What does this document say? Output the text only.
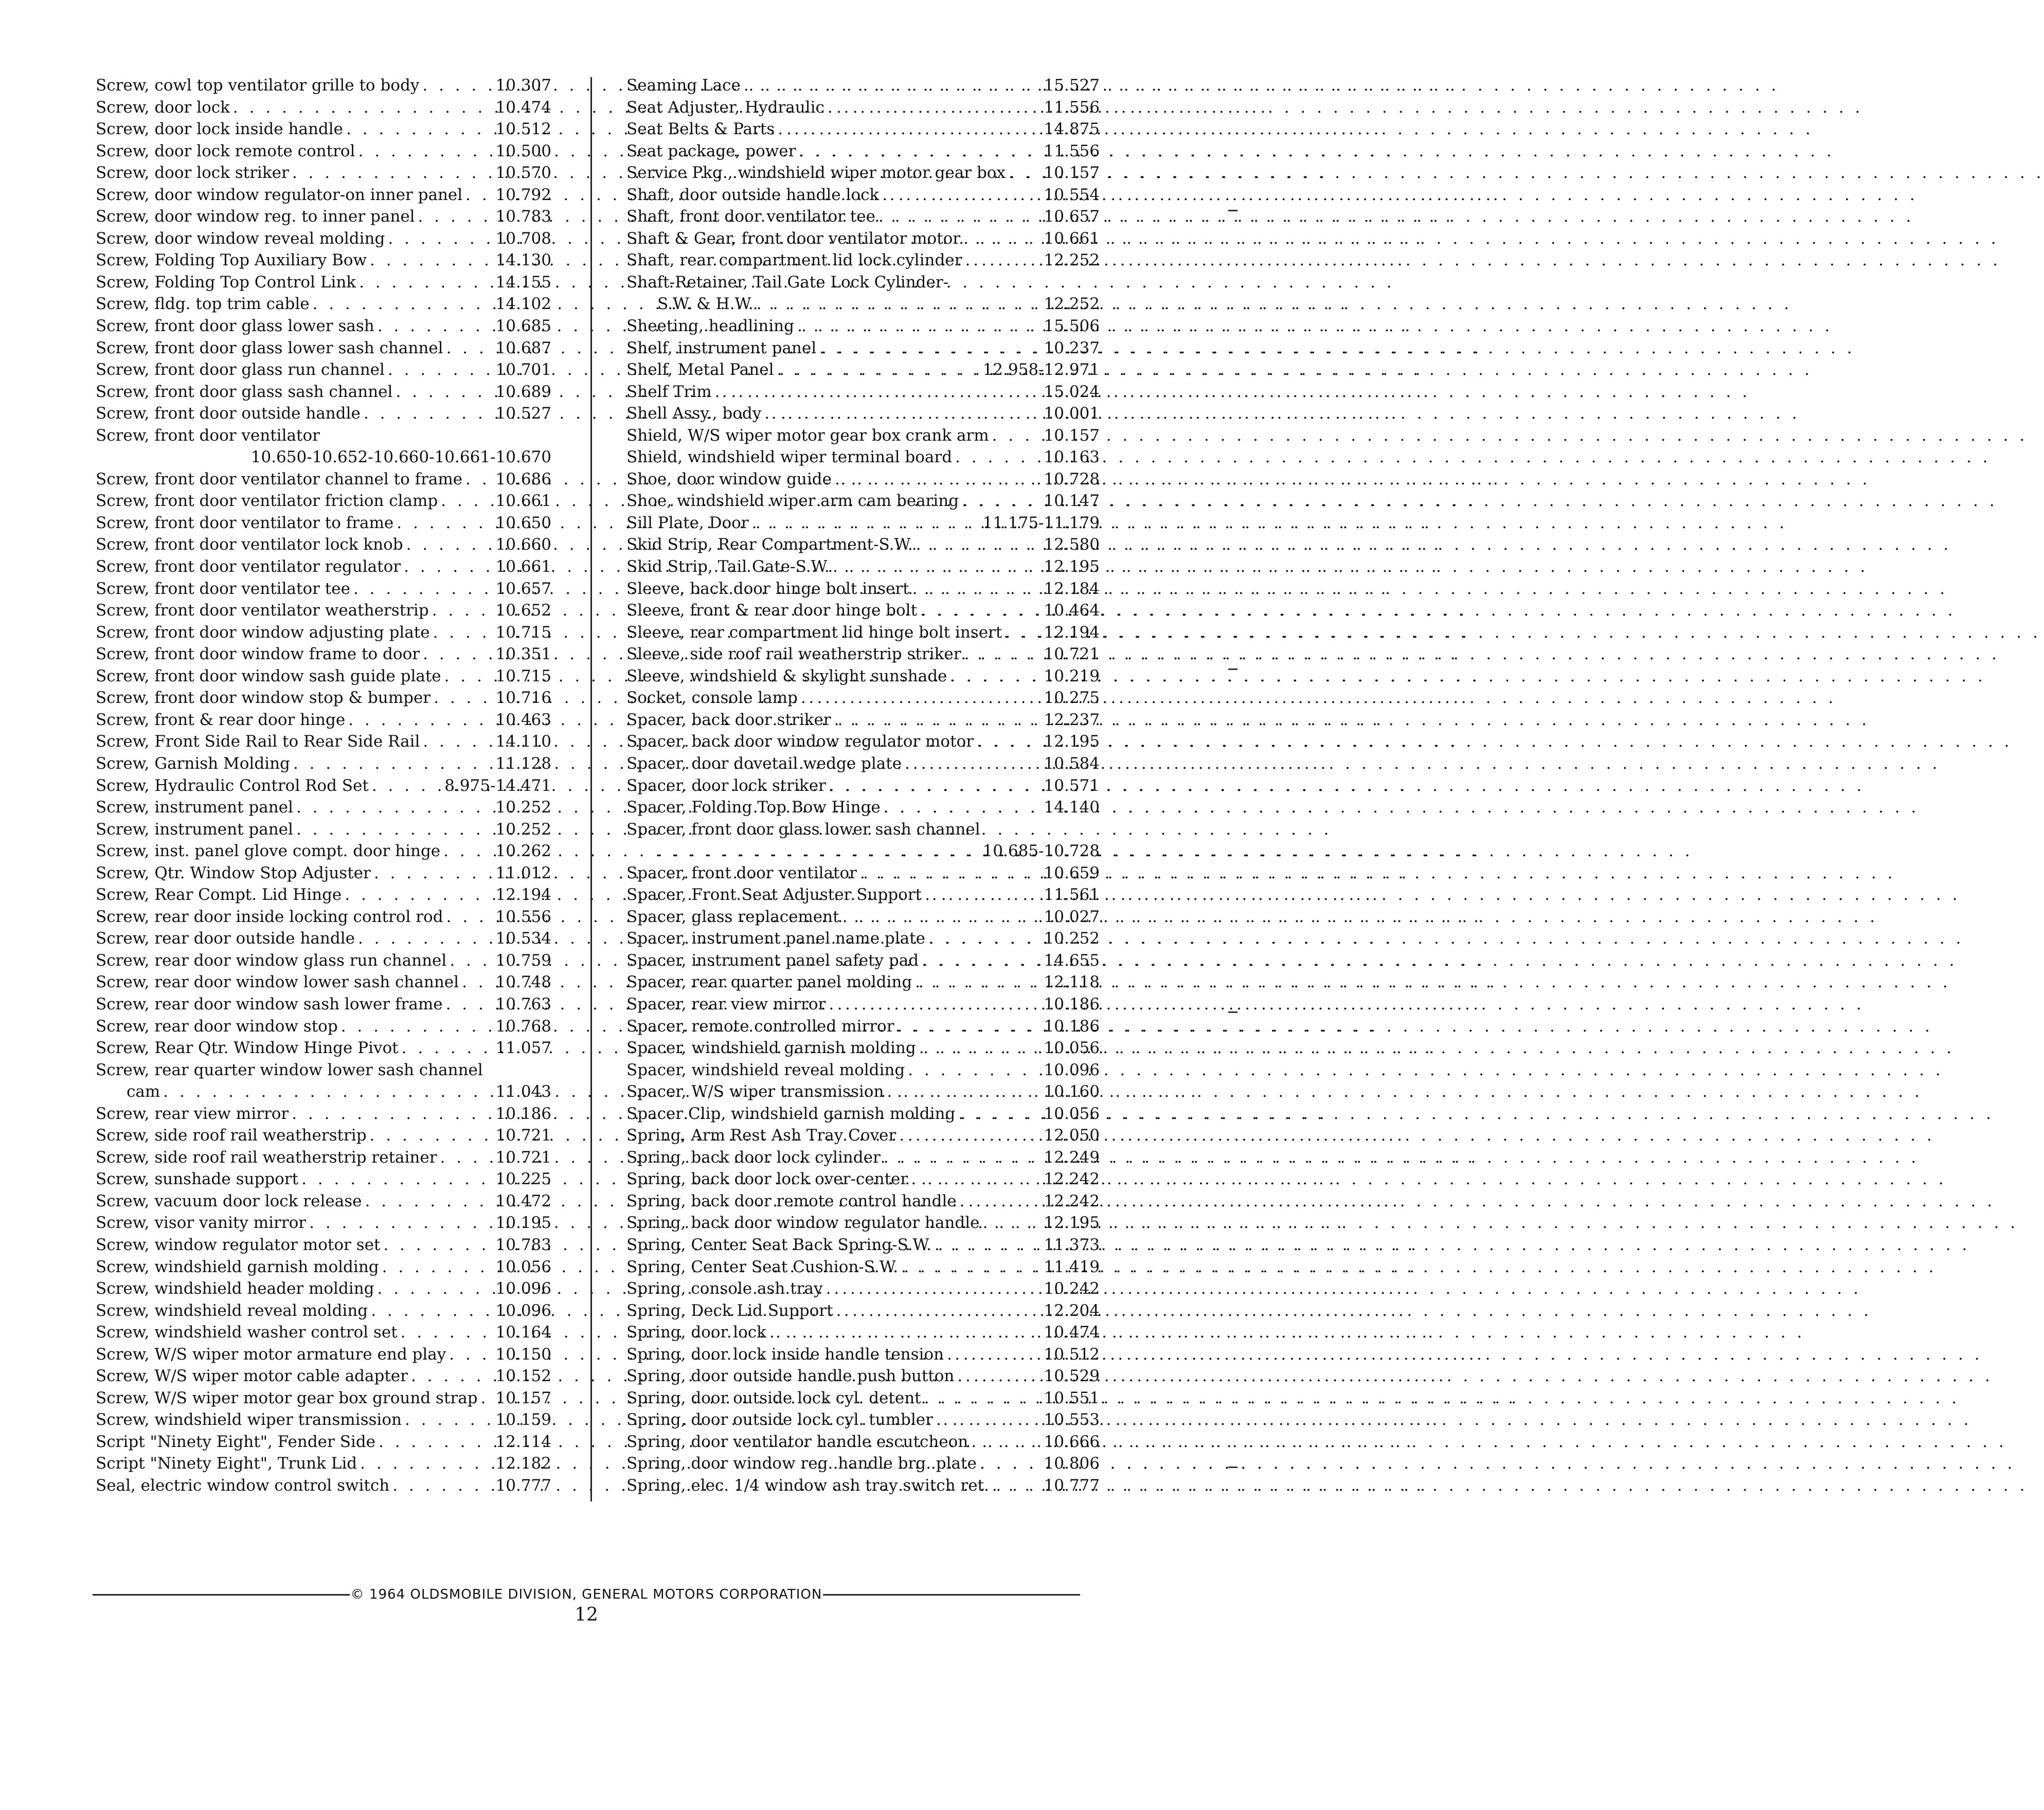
Screw, cowl top ventilator grille to body . . .	10.307
Screw, door lock . . .	10.474
Screw, door lock inside handle . . .	10.512
Screw, door lock remote control . . .	10.500
Screw, door lock striker . . .	10.570
Screw, door window regulator-on inner panel . . . 10.792
Screw, door window reg. to inner panel . . .	10.783
Screw, door window reveal molding . . .	10.708
Screw, Folding Top Auxiliary Bow . . .	14.130
Screw, Folding Top Control Link . . .	14.155
Screw, fldg. top trim cable . . .	14.102
Screw, front door glass lower sash . . .	10.685
Screw, front door glass lower sash channel . . .	10.687
Screw, front door glass run channel . . .	10.701
Screw, front door glass sash channel . . .	10.689
Screw, front door outside handle . . .	10.527
Screw, front door ventilator
10.650-10.652-10.660-10.661-10.670
Screw, front door ventilator channel to frame . . . 10.686
Screw, front door ventilator friction clamp . . .	10.661
Screw, front door ventilator to frame . . .	10.650
Screw, front door ventilator lock knob . . .	10.660
Screw, front door ventilator regulator . . .	10.661
Screw, front door ventilator tee . . .	10.657
Screw, front door ventilator weatherstrip . . .	10.652
Screw, front door window adjusting plate . . .	10.715
Screw, front door window frame to door . . .	10.351
Screw, front door window sash guide plate . . .	10.715
Screw, front door window stop & bumper . . .	10.716
Screw, front & rear door hinge . . .	10.463
Screw, Front Side Rail to Rear Side Rail . . .	14.110
Screw, Garnish Molding . . .	11.128
Screw, Hydraulic Control Rod Set . . .	8.975-14.471
Screw, instrument panel . . .	10.252
Screw, instrument panel . . .	10.252
Screw, inst. panel glove compt. door hinge . . .	10.262
Screw, Qtr. Window Stop Adjuster . . .	11.012
Screw, Rear Compt. Lid Hinge . . .	12.194
Screw, rear door inside locking control rod . . .	10.556
Screw, rear door outside handle . . .	10.534
Screw, rear door window glass run channel . . .	10.759
Screw, rear door window lower sash channel . . . 10.748
Screw, rear door window sash lower frame . . .	10.763
Screw, rear door window stop . . .	10.768
Screw, Rear Qtr. Window Hinge Pivot . . .	11.057
Screw, rear quarter window lower sash channel
cam . . .	11.043
Screw, rear view mirror . . .	10.186
Screw, side roof rail weatherstrip . . .	10.721
Screw, side roof rail weatherstrip retainer . . .	10.721
Screw, sunshade support . . .	10.225
Screw, vacuum door lock release . . .	10.472
Screw, visor vanity mirror . . .	10.195
Screw, window regulator motor set . . .	10.783
Screw, windshield garnish molding . . .	10.056
Screw, windshield header molding . . .	10.096
Screw, windshield reveal molding . . .	10.096
Screw, windshield washer control set . . .	10.164
Screw, W/S wiper motor armature end play . . .	10.150
Screw, W/S wiper motor cable adapter . . .	10.152
Screw, W/S wiper motor gear box ground strap . . . 10.157
Screw, windshield wiper transmission . . .	10.159
Script "Ninety Eight", Fender Side . . .	12.114
Script "Ninety Eight", Trunk Lid . . .	12.182
Seal, electric window control switch . . .	10.777
Seaming Lace . . .	15.527
Seat Adjuster, Hydraulic . . .	11.556
Seat Belts & Parts . . .	14.875
Seat package, power . . .	11.556
Service Pkg., windshield wiper motor gear box . . . 10.157
Shaft, door outside handle lock . . .	10.554
Shaft, front door ventilator tee . . .	10.657
Shaft & Gear, front door ventilator motor . . .	10.661
Shaft, rear compartment lid lock cylinder . . .	12.252
Shaft-Retainer, Tail Gate Lock Cylinder-
S.W. & H.W. . . .	12.252
Sheeting, headlining . . .	15.506
Shelf, instrument panel . . .	10.237
Shelf, Metal Panel . . .	12.958-12.971
Shelf Trim . . .	15.024
Shell Assy., body . . .	10.001
Shield, W/S wiper motor gear box crank arm . . .	10.157
Shield, windshield wiper terminal board . . .	10.163
Shoe, door window guide . . .	10.728
Shoe, windshield wiper arm cam bearing . . .	10.147
Sill Plate, Door . . .	11.175-11.179
Skid Strip, Rear Compartment-S.W. . . .	12.580
Skid Strip, Tail Gate-S.W. . . .	12.195
Sleeve, back door hinge bolt insert . . .	12.184
Sleeve, front & rear door hinge bolt . . .	10.464
Sleeve, rear compartment lid hinge bolt insert . . .	12.194
Sleeve, side roof rail weatherstrip striker . . .	10.721
Sleeve, windshield & skylight sunshade . . .	10.219
Socket, console lamp . . .	10.275
Spacer, back door striker . . .	12.237
Spacer, back door window regulator motor . . .	12.195
Spacer, door dovetail wedge plate . . .	10.584
Spacer, door lock striker . . .	10.571
Spacer, Folding Top Bow Hinge . . .	14.140
Spacer, front door glass lower sash channel
. . .
10.685-10.728
Spacer, front door ventilator . . .	10.659
Spacer, Front Seat Adjuster Support . . .	11.561
Spacer, glass replacement . . .	10.027
Spacer, instrument panel name plate . . .	10.252
Spacer, instrument panel safety pad . . .	14.655
Spacer, rear quarter panel molding . . .	12.118
Spacer, rear view mirror . . .	10.186
Spacer, remote controlled mirror . . .	10.186
Spacer, windshield garnish molding . . .	10.056
Spacer, windshield reveal molding . . .	10.096
Spacer, W/S wiper transmission . . .	10.160
Spacer Clip, windshield garnish molding . . .	10.056
Spring, Arm Rest Ash Tray Cover . . .	12.050
Spring, back door lock cylinder . . .	12.249
Spring, back door lock over-center . . .	12.242
Spring, back door remote control handle . . .	12.242
Spring, back door window regulator handle . . .	12.195
Spring, Center Seat Back Spring-S.W. . . .	11.373
Spring, Center Seat Cushion-S.W. . . .	11.419
Spring, console ash tray . . .	10.242
Spring, Deck Lid Support . . .	12.204
Spring, door lock . . .	10.474
Spring, door lock inside handle tension . . .	10.512
Spring, door outside handle push button . . .	10.529
Spring, door outside lock cyl. detent . . .	10.551
Spring, door outside lock cyl. tumbler . . .	10.553
Spring, door ventilator handle escutcheon . . .	10.666
Spring, door window reg. handle brg. plate . . .	10.806
Spring, elec. 1/4 window ash tray switch ret. . . .	10.777
© 1964 OLDSMOBILE DIVISION, GENERAL MOTORS CORPORATION
12
